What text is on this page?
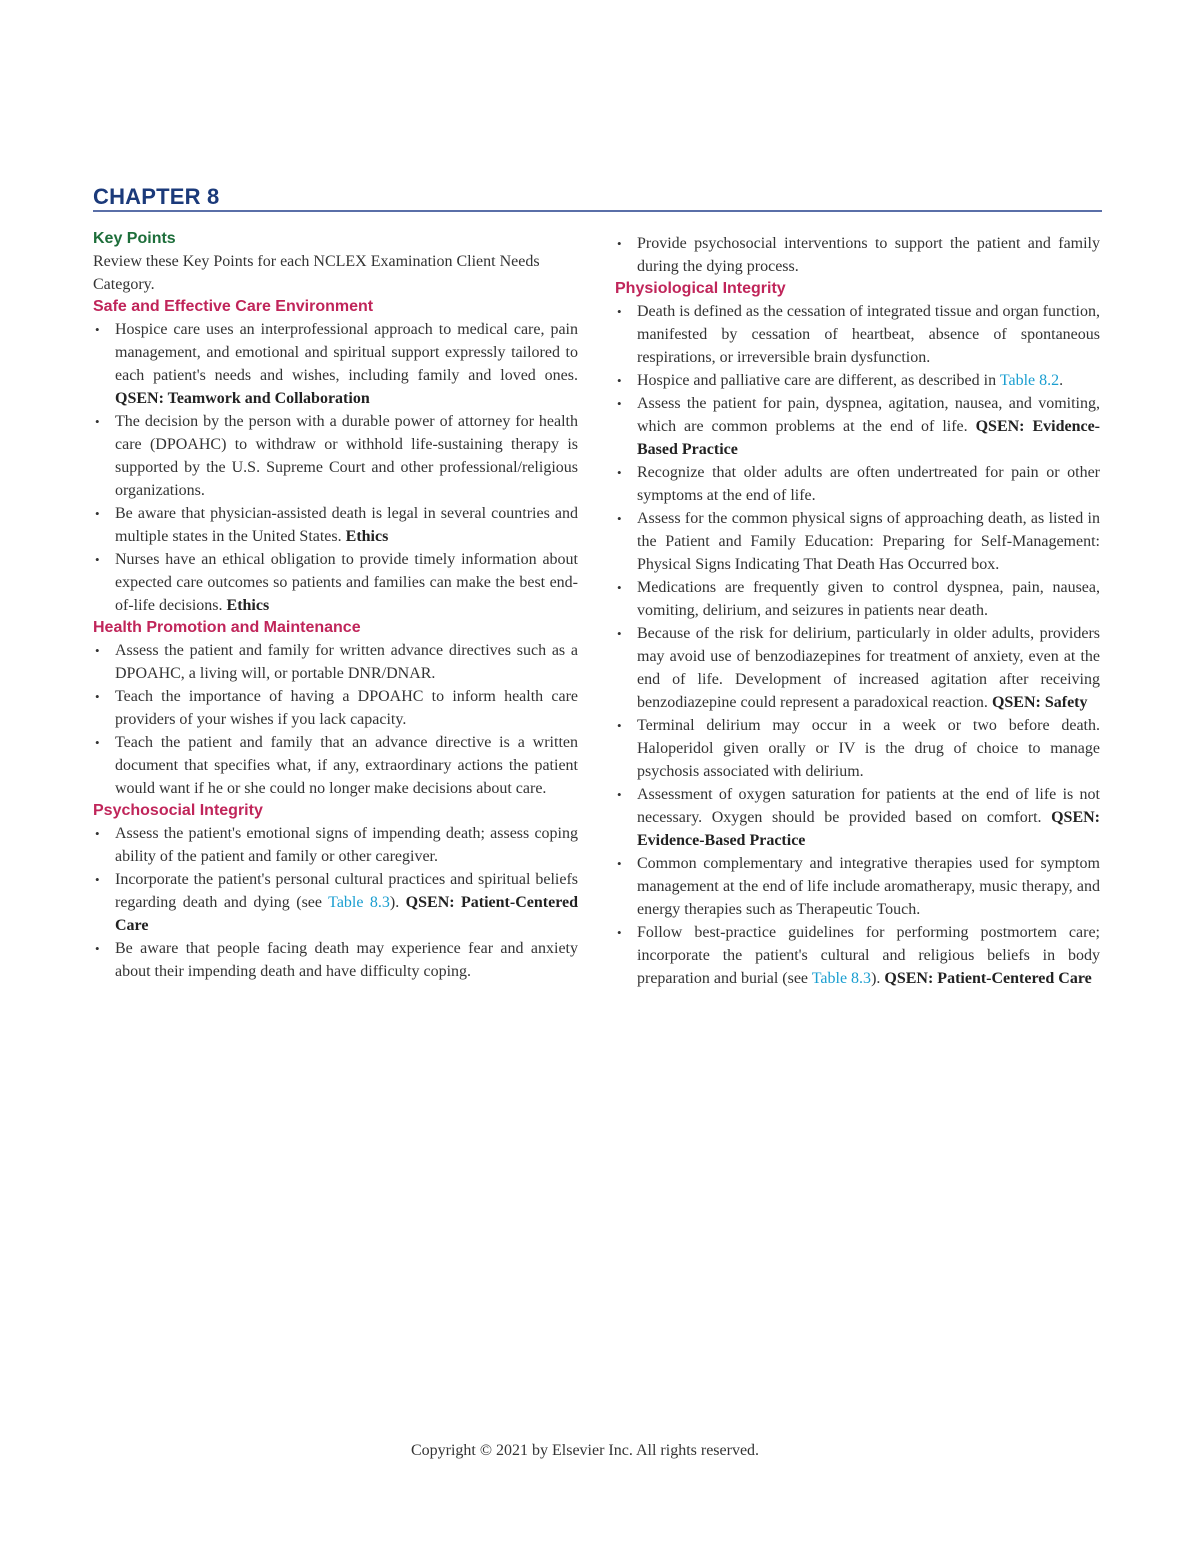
CHAPTER 8

Key Points

Review these Key Points for each NCLEX Examination Client Needs Category.

Safe and Effective Care Environment

• Hospice care uses an interprofessional approach to medical care, pain management, and emotional and spiritual support expressly tailored to each patient's needs and wishes, including family and loved ones. QSEN: Teamwork and Collaboration
• The decision by the person with a durable power of attorney for health care (DPOAHC) to withdraw or withhold life-sustaining therapy is supported by the U.S. Supreme Court and other professional/religious organizations.
• Be aware that physician-assisted death is legal in several countries and multiple states in the United States. Ethics
• Nurses have an ethical obligation to provide timely information about expected care outcomes so patients and families can make the best end-of-life decisions. Ethics

Health Promotion and Maintenance

• Assess the patient and family for written advance directives such as a DPOAHC, a living will, or portable DNR/DNAR.
• Teach the importance of having a DPOAHC to inform health care providers of your wishes if you lack capacity.
• Teach the patient and family that an advance directive is a written document that specifies what, if any, extraordinary actions the patient would want if he or she could no longer make decisions about care.

Psychosocial Integrity

• Assess the patient's emotional signs of impending death; assess coping ability of the patient and family or other caregiver.
• Incorporate the patient's personal cultural practices and spiritual beliefs regarding death and dying (see Table 8.3). QSEN: Patient-Centered Care
• Be aware that people facing death may experience fear and anxiety about their impending death and have difficulty coping.
• Provide psychosocial interventions to support the patient and family during the dying process.

Physiological Integrity

• Death is defined as the cessation of integrated tissue and organ function, manifested by cessation of heartbeat, absence of spontaneous respirations, or irreversible brain dysfunction.
• Hospice and palliative care are different, as described in Table 8.2.
• Assess the patient for pain, dyspnea, agitation, nausea, and vomiting, which are common problems at the end of life. QSEN: Evidence-Based Practice
• Recognize that older adults are often undertreated for pain or other symptoms at the end of life.
• Assess for the common physical signs of approaching death, as listed in the Patient and Family Education: Preparing for Self-Management: Physical Signs Indicating That Death Has Occurred box.
• Medications are frequently given to control dyspnea, pain, nausea, vomiting, delirium, and seizures in patients near death.
• Because of the risk for delirium, particularly in older adults, providers may avoid use of benzodiazepines for treatment of anxiety, even at the end of life. Development of increased agitation after receiving benzodiazepine could represent a paradoxical reaction. QSEN: Safety
• Terminal delirium may occur in a week or two before death. Haloperidol given orally or IV is the drug of choice to manage psychosis associated with delirium.
• Assessment of oxygen saturation for patients at the end of life is not necessary. Oxygen should be provided based on comfort. QSEN: Evidence-Based Practice
• Common complementary and integrative therapies used for symptom management at the end of life include aromatherapy, music therapy, and energy therapies such as Therapeutic Touch.
• Follow best-practice guidelines for performing postmortem care; incorporate the patient's cultural and religious beliefs in body preparation and burial (see Table 8.3). QSEN: Patient-Centered Care

Copyright © 2021 by Elsevier Inc. All rights reserved.
